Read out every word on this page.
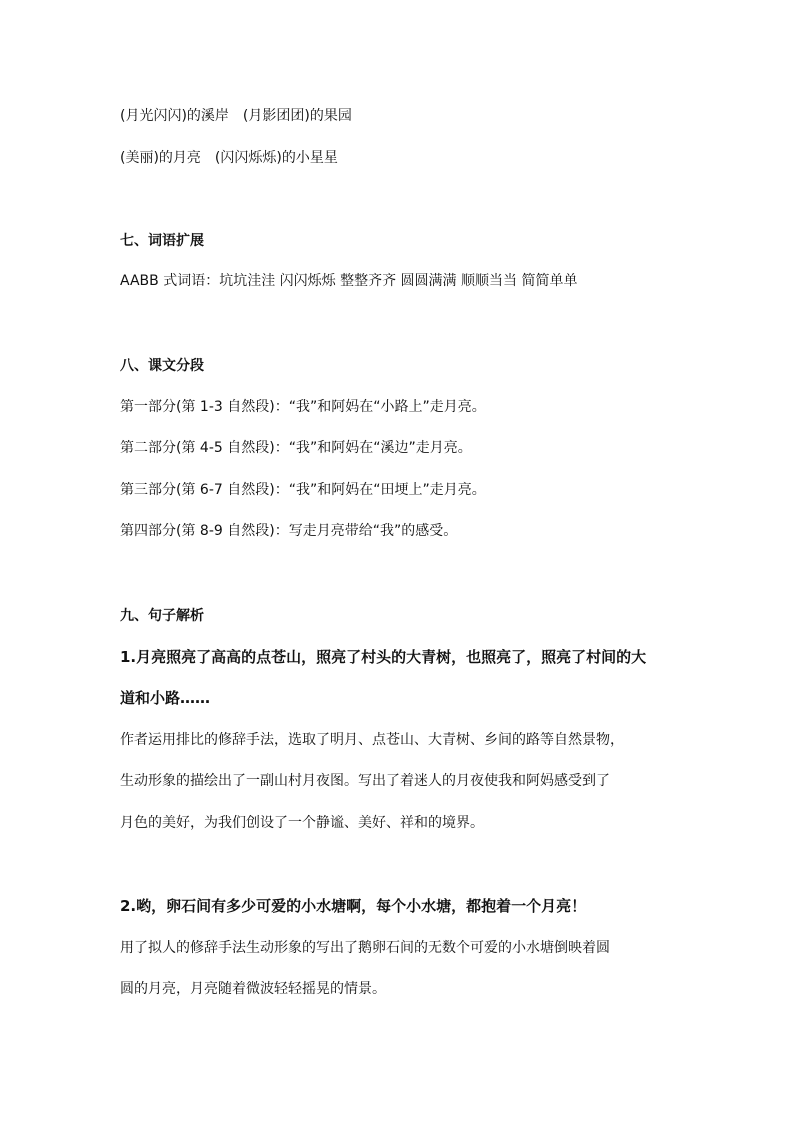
(月光闪闪)的溪岸　(月影团团)的果园
(美丽)的月亮　(闪闪烁烁)的小星星
七、词语扩展
AABB 式词语：坑坑洼洼 闪闪烁烁 整整齐齐 圆圆满满 顺顺当当 简简单单
八、课文分段
第一部分(第 1-3 自然段)：“我”和阿妈在“小路上”走月亮。
第二部分(第 4-5 自然段)：“我”和阿妈在“溪边”走月亮。
第三部分(第 6-7 自然段)：“我”和阿妈在“田埂上”走月亮。
第四部分(第 8-9 自然段)：写走月亮带给“我”的感受。
九、句子解析
1.月亮照亮了高高的点苍山，照亮了村头的大青树，也照亮了，照亮了村间的大
道和小路……
作者运用排比的修辞手法，选取了明月、点苍山、大青树、乡间的路等自然景物，
生动形象的描绘出了一副山村月夜图。写出了着迷人的月夜使我和阿妈感受到了
月色的美好，为我们创设了一个静谧、美好、祥和的境界。
2.哟，卵石间有多少可爱的小水塘啊，每个小水塘，都抱着一个月亮！
用了拟人的修辞手法生动形象的写出了鹅卵石间的无数个可爱的小水塘倒映着圆
圆的月亮，月亮随着微波轻轻摇晃的情景。
